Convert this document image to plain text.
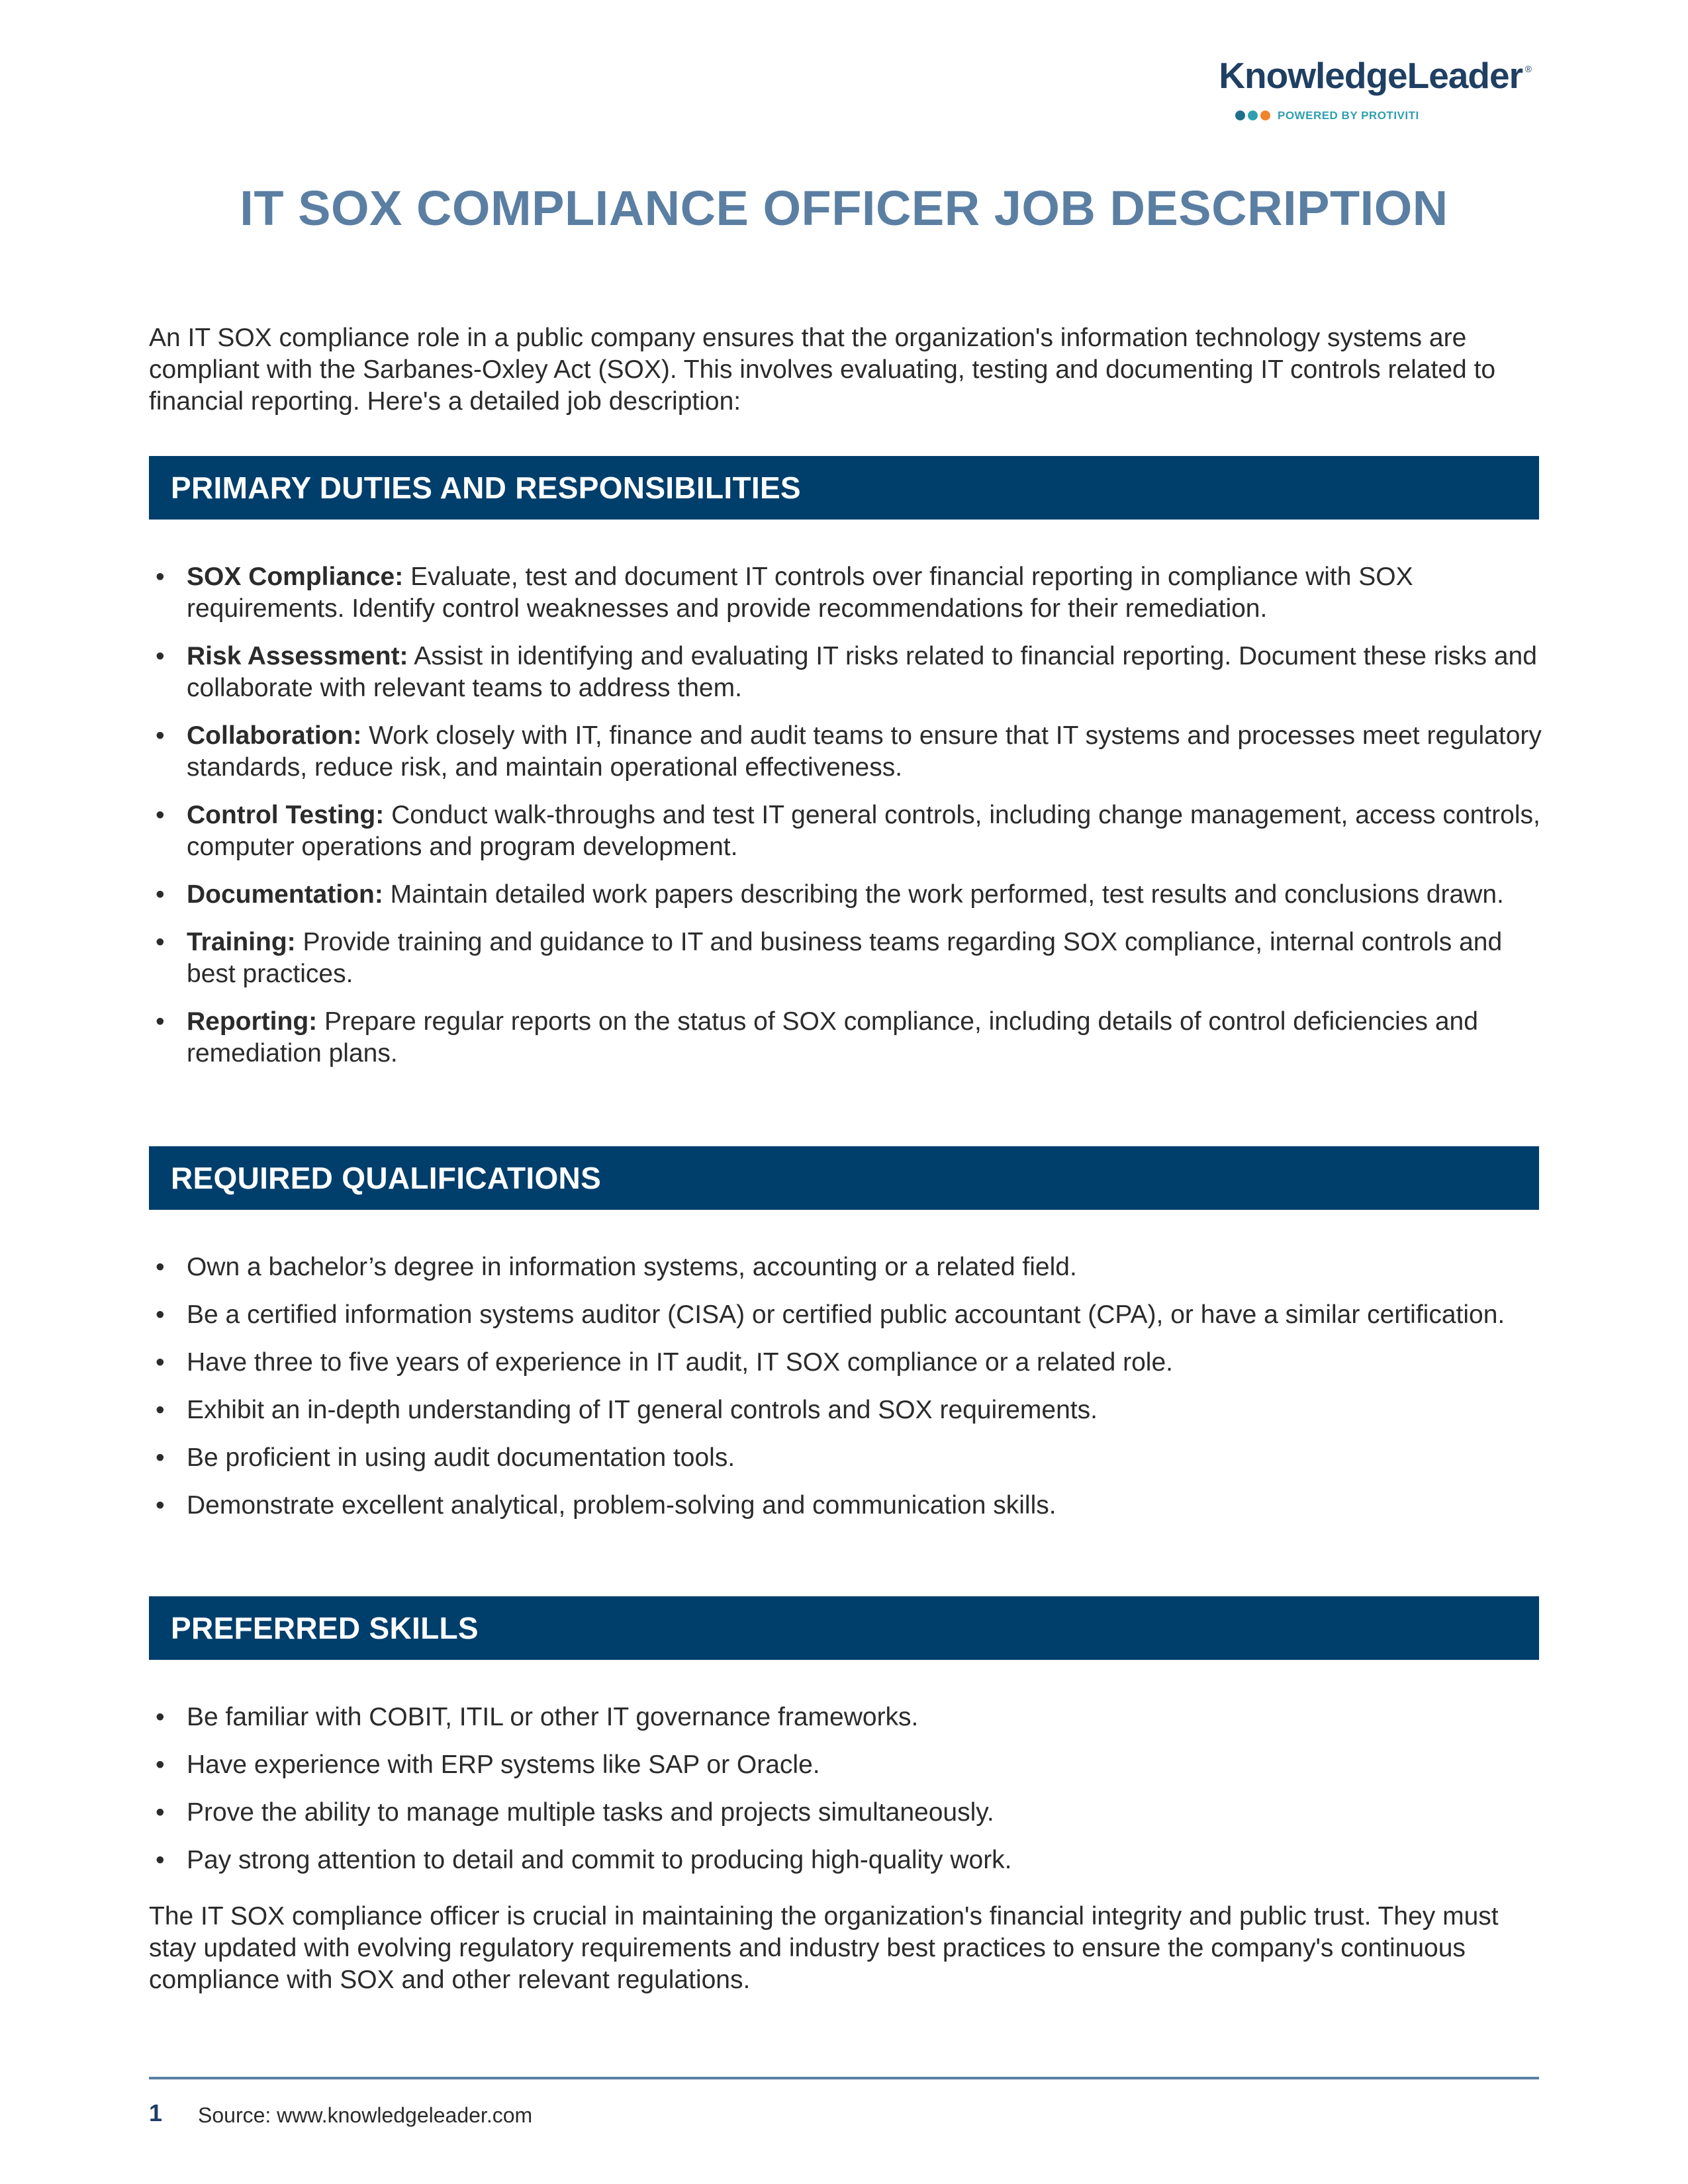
KnowledgeLeader ®
POWERED BY PROTIVITI
IT SOX COMPLIANCE OFFICER JOB DESCRIPTION

An IT SOX compliance role in a public company ensures that the organization's information technology systems are compliant with the Sarbanes-Oxley Act (SOX). This involves evaluating, testing and documenting IT controls related to financial reporting. Here's a detailed job description:

PRIMARY DUTIES AND RESPONSIBILITIES
• SOX Compliance: Evaluate, test and document IT controls over financial reporting in compliance with SOX requirements. Identify control weaknesses and provide recommendations for their remediation.
• Risk Assessment: Assist in identifying and evaluating IT risks related to financial reporting. Document these risks and collaborate with relevant teams to address them.
• Collaboration: Work closely with IT, finance and audit teams to ensure that IT systems and processes meet regulatory standards, reduce risk, and maintain operational effectiveness.
• Control Testing: Conduct walk-throughs and test IT general controls, including change management, access controls, computer operations and program development.
• Documentation: Maintain detailed work papers describing the work performed, test results and conclusions drawn.
• Training: Provide training and guidance to IT and business teams regarding SOX compliance, internal controls and best practices.
• Reporting: Prepare regular reports on the status of SOX compliance, including details of control deficiencies and remediation plans.
REQUIRED QUALIFICATIONS
• Own a bachelor’s degree in information systems, accounting or a related field.
• Be a certified information systems auditor (CISA) or certified public accountant (CPA), or have a similar certification.
• Have three to five years of experience in IT audit, IT SOX compliance or a related role.
• Exhibit an in-depth understanding of IT general controls and SOX requirements.
• Be proficient in using audit documentation tools.
• Demonstrate excellent analytical, problem-solving and communication skills.
PREFERRED SKILLS
• Be familiar with COBIT, ITIL or other IT governance frameworks.
• Have experience with ERP systems like SAP or Oracle.
• Prove the ability to manage multiple tasks and projects simultaneously.
• Pay strong attention to detail and commit to producing high-quality work.

The IT SOX compliance officer is crucial in maintaining the organization's financial integrity and public trust. They must stay updated with evolving regulatory requirements and industry best practices to ensure the company's continuous compliance with SOX and other relevant regulations.

1 Source: www.knowledgeleader.com
